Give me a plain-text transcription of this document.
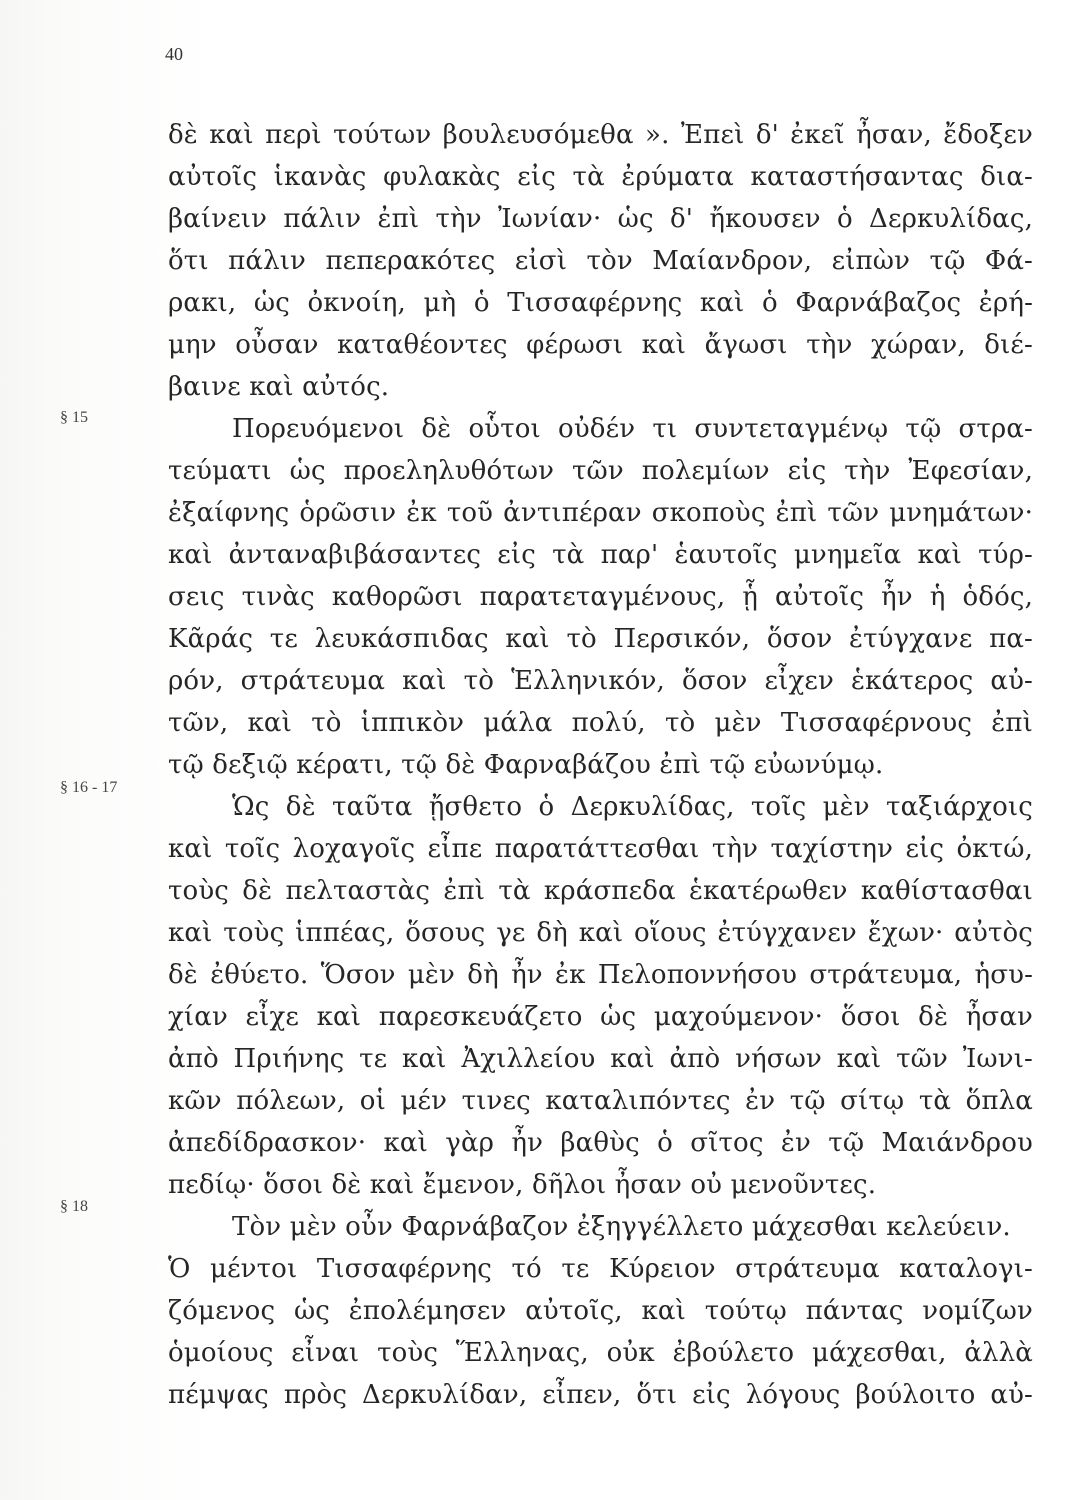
40
§ 15
§ 16 - 17
§ 18
δὲ καὶ περὶ τούτων βουλευσόμεθα ». Ἐπεὶ δ' ἐκεῖ ἦσαν, ἔδοξεν
αὐτοῖς ἱκανὰς φυλακὰς εἰς τὰ ἐρύματα καταστήσαντας δια-
βαίνειν πάλιν ἐπὶ τὴν Ἰωνίαν· ὡς δ' ἤκουσεν ὁ Δερκυλίδας,
ὅτι πάλιν πεπερακότες εἰσὶ τὸν Μαίανδρον, εἰπὼν τῷ Φά-
ρακι, ὡς ὀκνοίη, μὴ ὁ Τισσαφέρνης καὶ ὁ Φαρνάβαζος ἐρή-
μην οὖσαν καταθέοντες φέρωσι καὶ ἄγωσι τὴν χώραν, διέ-
βαινε καὶ αὐτός.
Πορευόμενοι δὲ οὗτοι οὐδέν τι συντεταγμένῳ τῷ στρα-
τεύματι ὡς προεληλυθότων τῶν πολεμίων εἰς τὴν Ἐφεσίαν,
ἐξαίφνης ὁρῶσιν ἐκ τοῦ ἀντιπέραν σκοποὺς ἐπὶ τῶν μνημάτων·
καὶ ἀνταναβιβάσαντες εἰς τὰ παρ' ἑαυτοῖς μνημεῖα καὶ τύρ-
σεις τινὰς καθορῶσι παρατεταγμένους, ᾗ αὐτοῖς ἦν ἡ ὁδός,
Κᾶράς τε λευκάσπιδας καὶ τὸ Περσικόν, ὅσον ἐτύγχανε πα-
ρόν, στράτευμα καὶ τὸ Ἑλληνικόν, ὅσον εἶχεν ἑκάτερος αὐ-
τῶν, καὶ τὸ ἱππικὸν μάλα πολύ, τὸ μὲν Τισσαφέρνους ἐπὶ
τῷ δεξιῷ κέρατι, τῷ δὲ Φαρναβάζου ἐπὶ τῷ εὐωνύμῳ.
Ὡς δὲ ταῦτα ᾔσθετο ὁ Δερκυλίδας, τοῖς μὲν ταξιάρχοις
καὶ τοῖς λοχαγοῖς εἶπε παρατάττεσθαι τὴν ταχίστην εἰς ὀκτώ,
τοὺς δὲ πελταστὰς ἐπὶ τὰ κράσπεδα ἑκατέρωθεν καθίστασθαι
καὶ τοὺς ἱππέας, ὅσους γε δὴ καὶ οἵους ἐτύγχανεν ἔχων· αὐτὸς
δὲ ἐθύετο. Ὅσον μὲν δὴ ἦν ἐκ Πελοποννήσου στράτευμα, ἡσυ-
χίαν εἶχε καὶ παρεσκευάζετο ὡς μαχούμενον· ὅσοι δὲ ἦσαν
ἀπὸ Πριήνης τε καὶ Ἀχιλλείου καὶ ἀπὸ νήσων καὶ τῶν Ἰωνι-
κῶν πόλεων, οἱ μέν τινες καταλιπόντες ἐν τῷ σίτῳ τὰ ὅπλα
ἀπεδίδρασκον· καὶ γὰρ ἦν βαθὺς ὁ σῖτος ἐν τῷ Μαιάνδρου
πεδίῳ· ὅσοι δὲ καὶ ἔμενον, δῆλοι ἦσαν οὐ μενοῦντες.
Τὸν μὲν οὖν Φαρνάβαζον ἐξηγγέλλετο μάχεσθαι κελεύειν.
Ὁ μέντοι Τισσαφέρνης τό τε Κύρειον στράτευμα καταλογι-
ζόμενος ὡς ἐπολέμησεν αὐτοῖς, καὶ τούτῳ πάντας νομίζων
ὁμοίους εἶναι τοὺς Ἕλληνας, οὐκ ἐβούλετο μάχεσθαι, ἀλλὰ
πέμψας πρὸς Δερκυλίδαν, εἶπεν, ὅτι εἰς λόγους βούλοιτο αὐ-
